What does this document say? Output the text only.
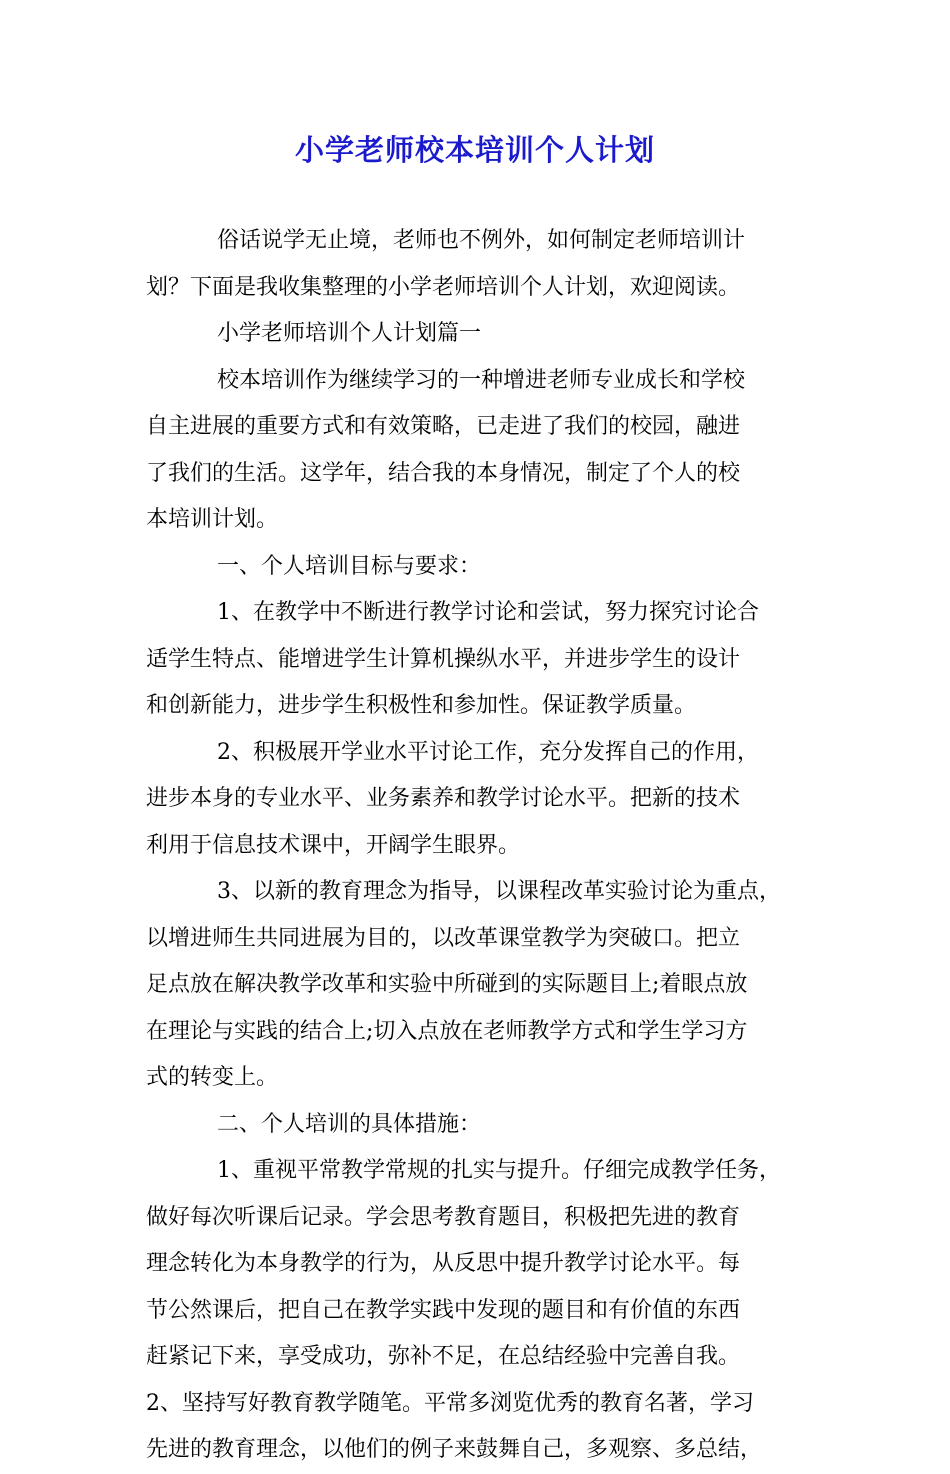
小学老师校本培训个人计划

俗话说学无止境，老师也不例外，如何制定老师培训计

划？下面是我收集整理的小学老师培训个人计划，欢迎阅读。

小学老师培训个人计划篇一

校本培训作为继续学习的一种增进老师专业成长和学校

自主进展的重要方式和有效策略，已走进了我们的校园，融进

了我们的生活。这学年，结合我的本身情况，制定了个人的校

本培训计划。

一、个人培训目标与要求：

1、在教学中不断进行教学讨论和尝试，努力探究讨论合

适学生特点、能增进学生计算机操纵水平，并进步学生的设计

和创新能力，进步学生积极性和参加性。保证教学质量。

2、积极展开学业水平讨论工作，充分发挥自己的作用，

进步本身的专业水平、业务素养和教学讨论水平。把新的技术

利用于信息技术课中，开阔学生眼界。

3、以新的教育理念为指导，以课程改革实验讨论为重点，

以增进师生共同进展为目的，以改革课堂教学为突破口。把立

足点放在解决教学改革和实验中所碰到的实际题目上;着眼点放

在理论与实践的结合上;切入点放在老师教学方式和学生学习方

式的转变上。

二、个人培训的具体措施：

1、重视平常教学常规的扎实与提升。仔细完成教学任务，

做好每次听课后记录。学会思考教育题目，积极把先进的教育

理念转化为本身教学的行为，从反思中提升教学讨论水平。每

节公然课后，把自己在教学实践中发现的题目和有价值的东西

赶紧记下来，享受成功，弥补不足，在总结经验中完善自我。

2、坚持写好教育教学随笔。平常多浏览优秀的教育名著，学习

先进的教育理念，以他们的例子来鼓舞自己，多观察、多总结，
